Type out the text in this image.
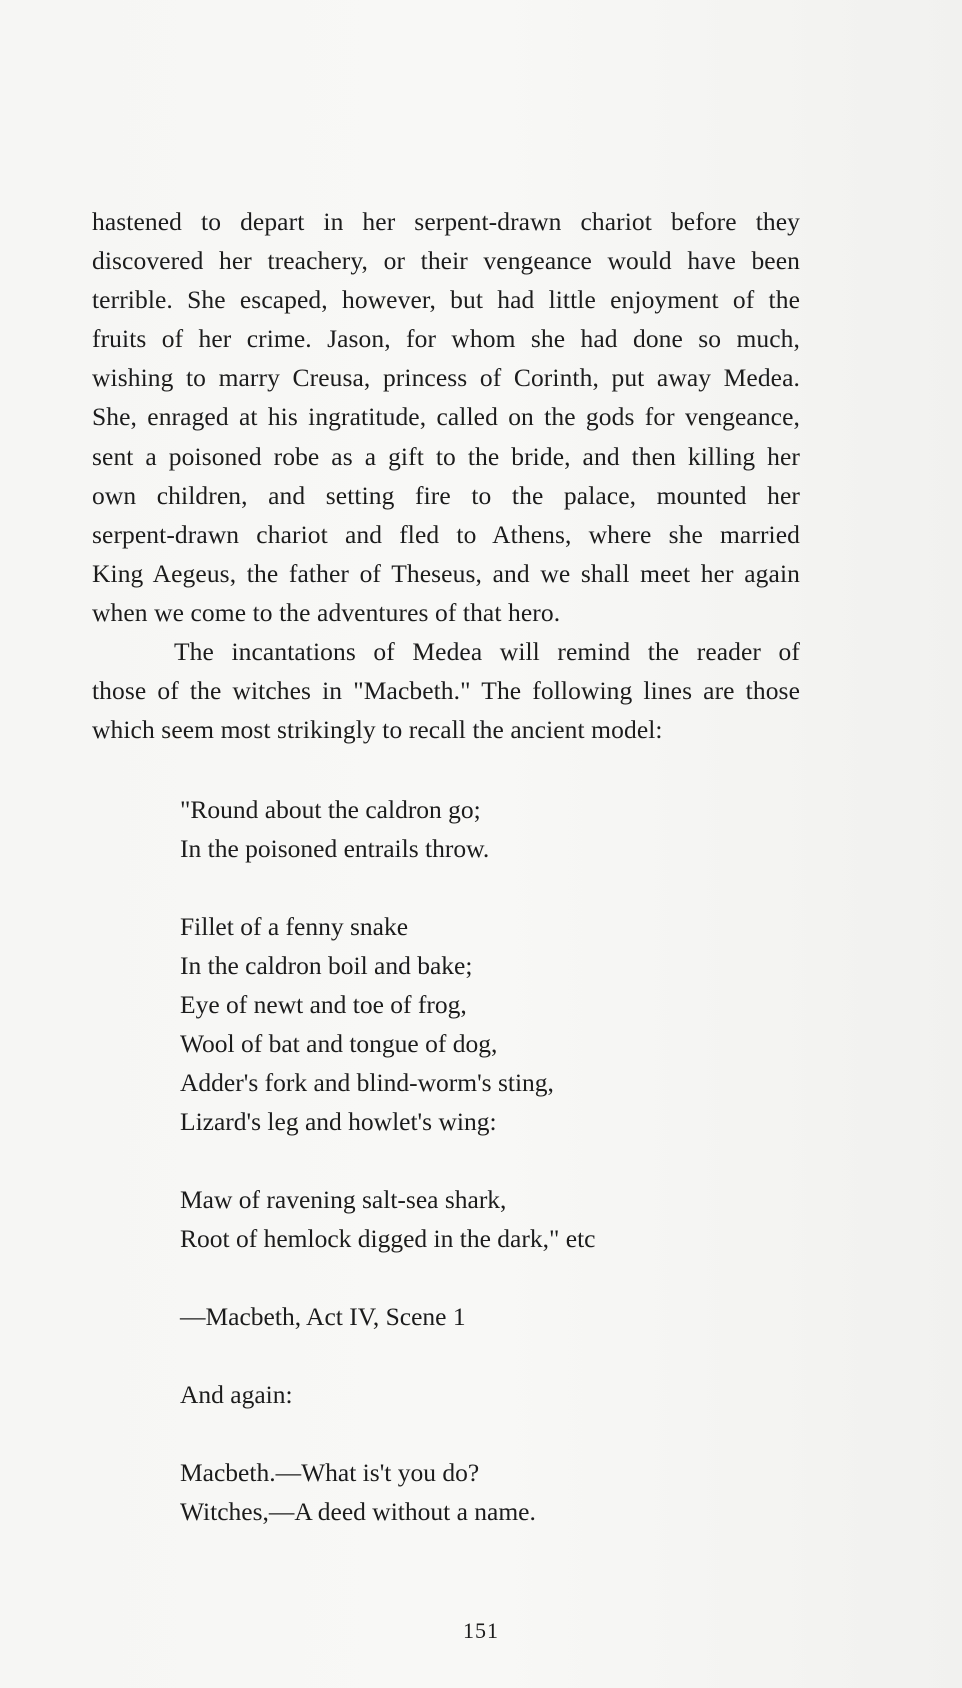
hastened to depart in her serpent-drawn chariot before they
discovered her treachery, or their vengeance would have been
terrible. She escaped, however, but had little enjoyment of the
fruits of her crime. Jason, for whom she had done so much,
wishing to marry Creusa, princess of Corinth, put away Medea.
She, enraged at his ingratitude, called on the gods for vengeance,
sent a poisoned robe as a gift to the bride, and then killing her
own children, and setting fire to the palace, mounted her
serpent-drawn chariot and fled to Athens, where she married
King Aegeus, the father of Theseus, and we shall meet her again
when we come to the adventures of that hero.

The incantations of Medea will remind the reader of
those of the witches in "Macbeth." The following lines are those
which seem most strikingly to recall the ancient model:

"Round about the caldron go;
In the poisoned entrails throw.
Fillet of a fenny snake
In the caldron boil and bake;
Eye of newt and toe of frog,
Wool of bat and tongue of dog,
Adder's fork and blind-worm's sting,
Lizard's leg and howlet's wing:
Maw of ravening salt-sea shark,
Root of hemlock digged in the dark," etc
—Macbeth, Act IV, Scene 1
And again:
Macbeth.—What is't you do?
Witches,—A deed without a name.
151
